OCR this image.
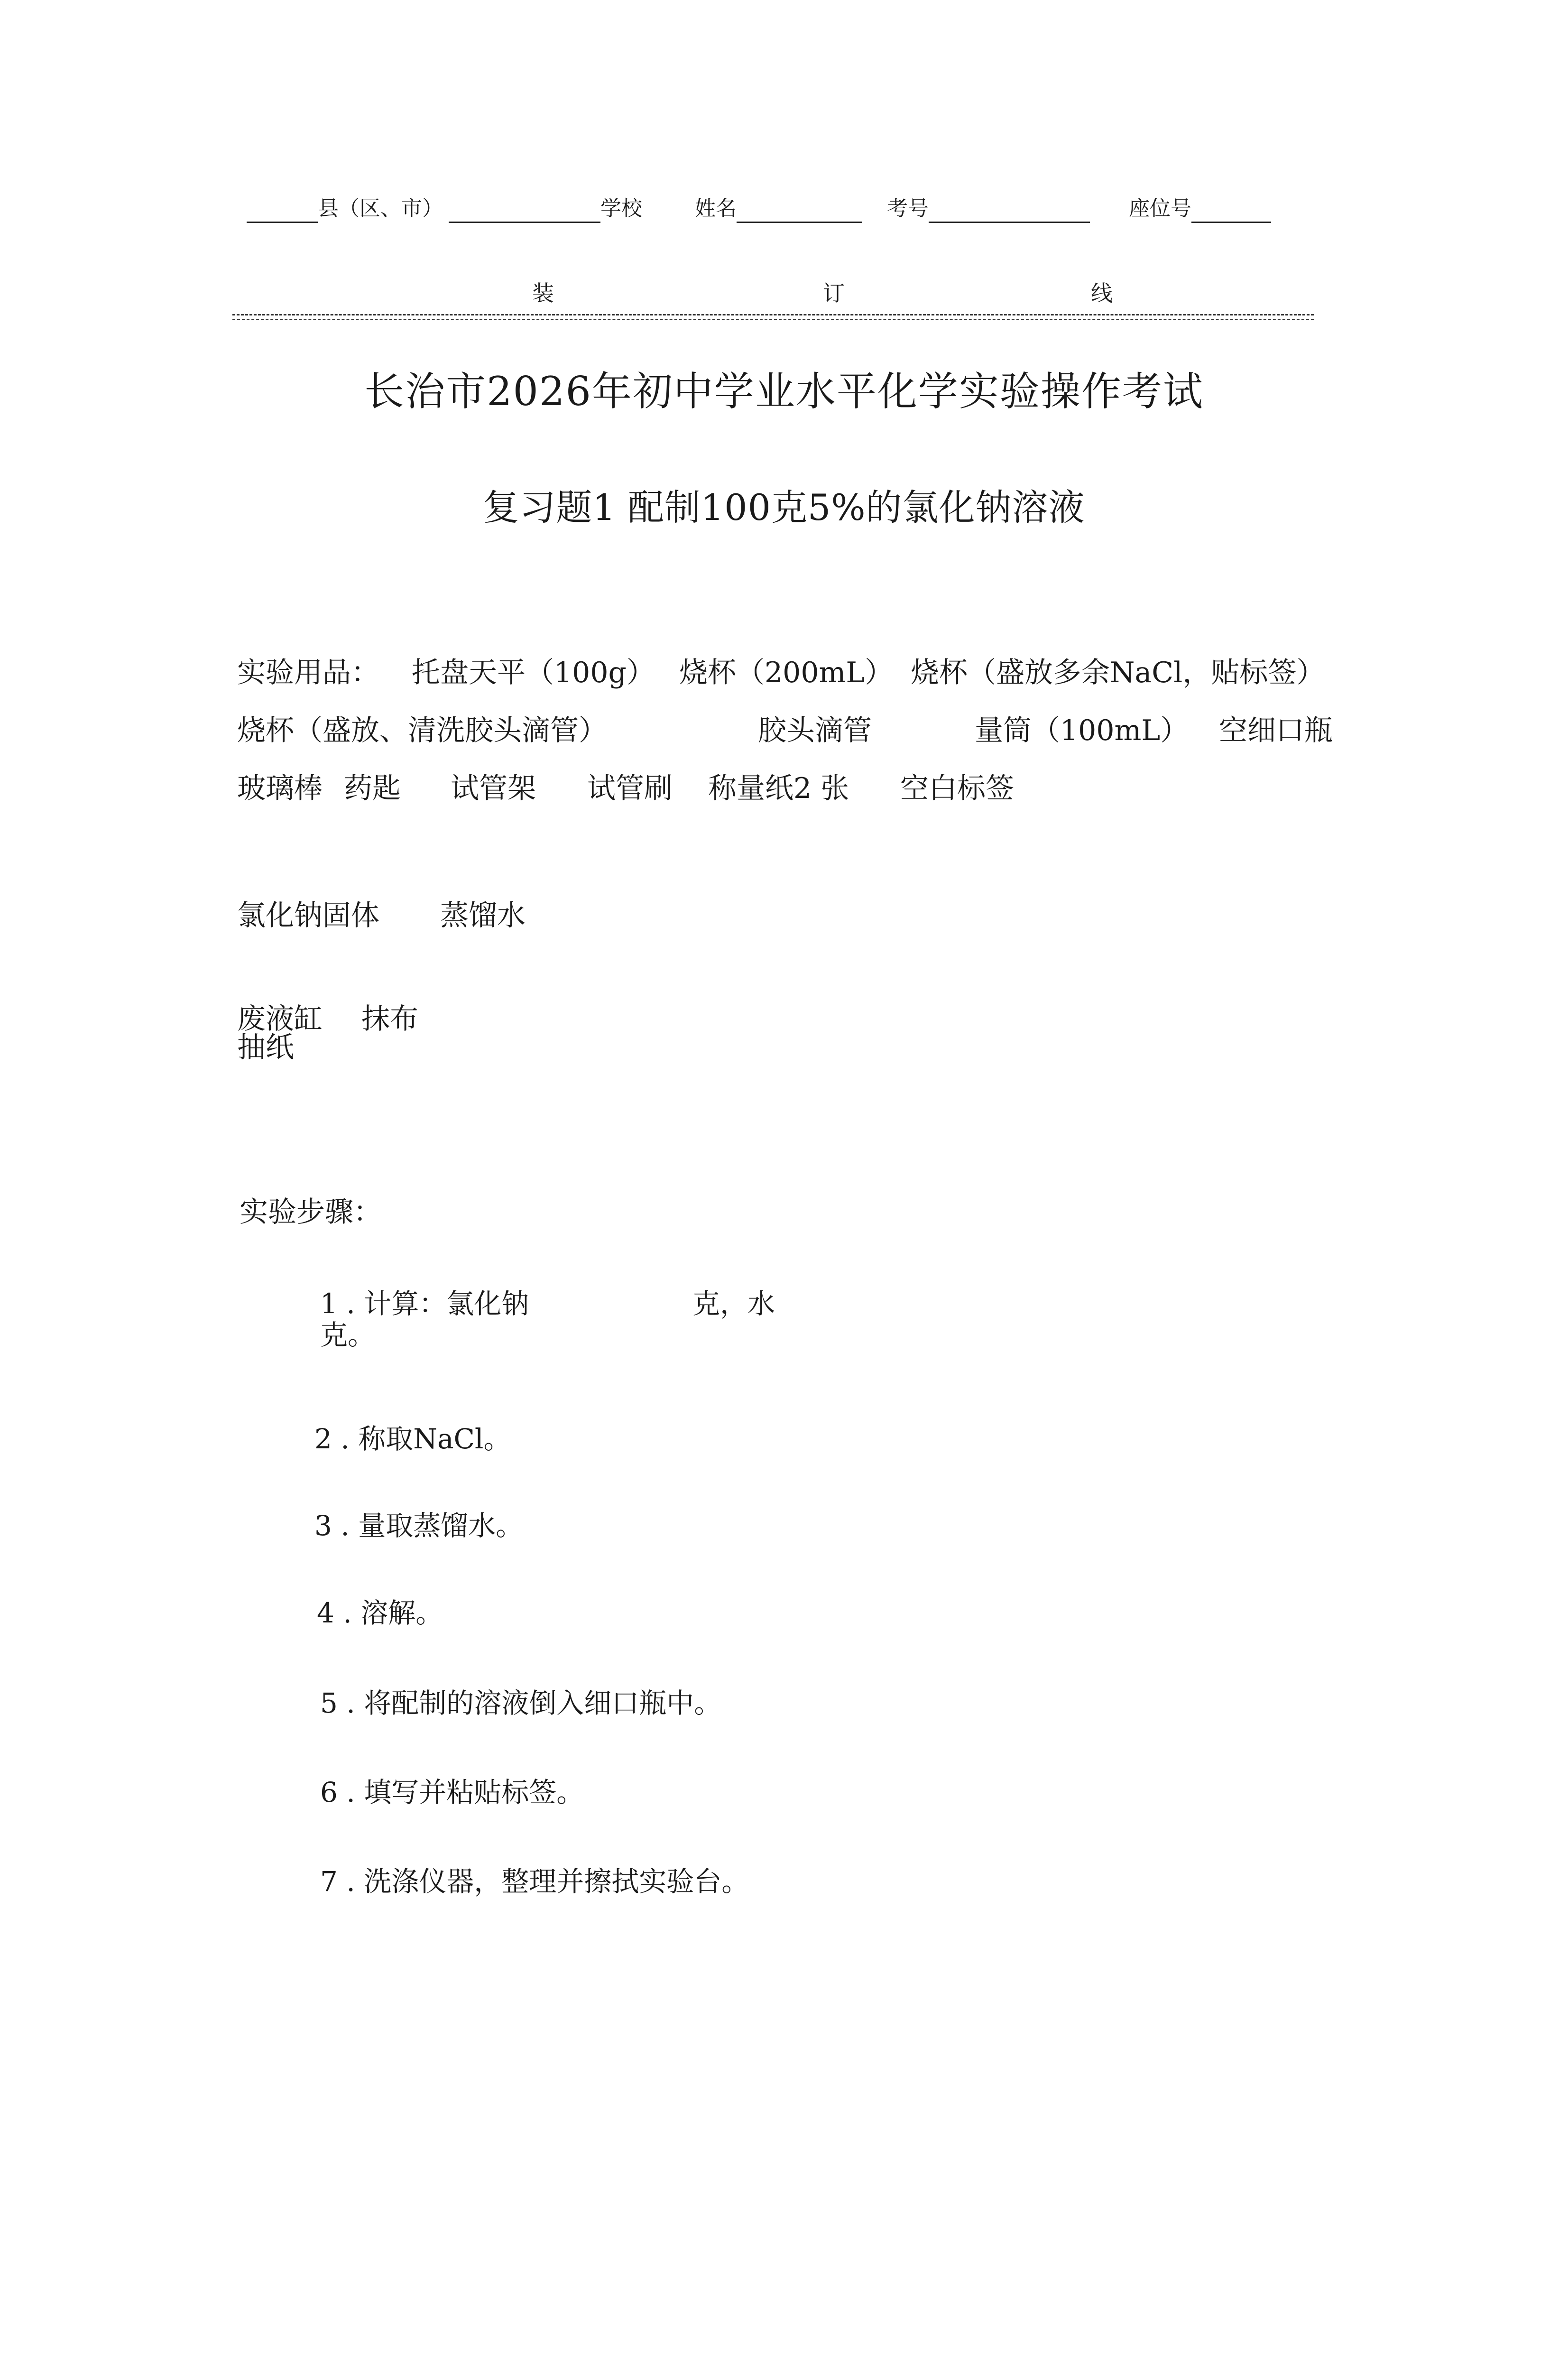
县（区、市）	学校	姓名	考号	座位号
装	订	线
长治市2026年初中学业水平化学实验操作考试
复习题1 配制100克5%的氯化钠溶液
实验用品： 托盘天平（100g） 烧杯（200mL） 烧杯（盛放多余NaCl，贴标签）
烧杯（盛放、清洗胶头滴管）	胶头滴管	量筒（100mL） 空细口瓶
玻璃棒 药匙 试管架 试管刷 称量纸2 张 空白标签
氯化钠固体 蒸馏水
废液缸 抹布
抽纸
实验步骤：
1 . 计算：氯化钠	克，水
克。
2 . 称取NaCl。
3 . 量取蒸馏水。
4 . 溶解。
5 . 将配制的溶液倒入细口瓶中。
6 . 填写并粘贴标签。
7 . 洗涤仪器，整理并擦拭实验台。
